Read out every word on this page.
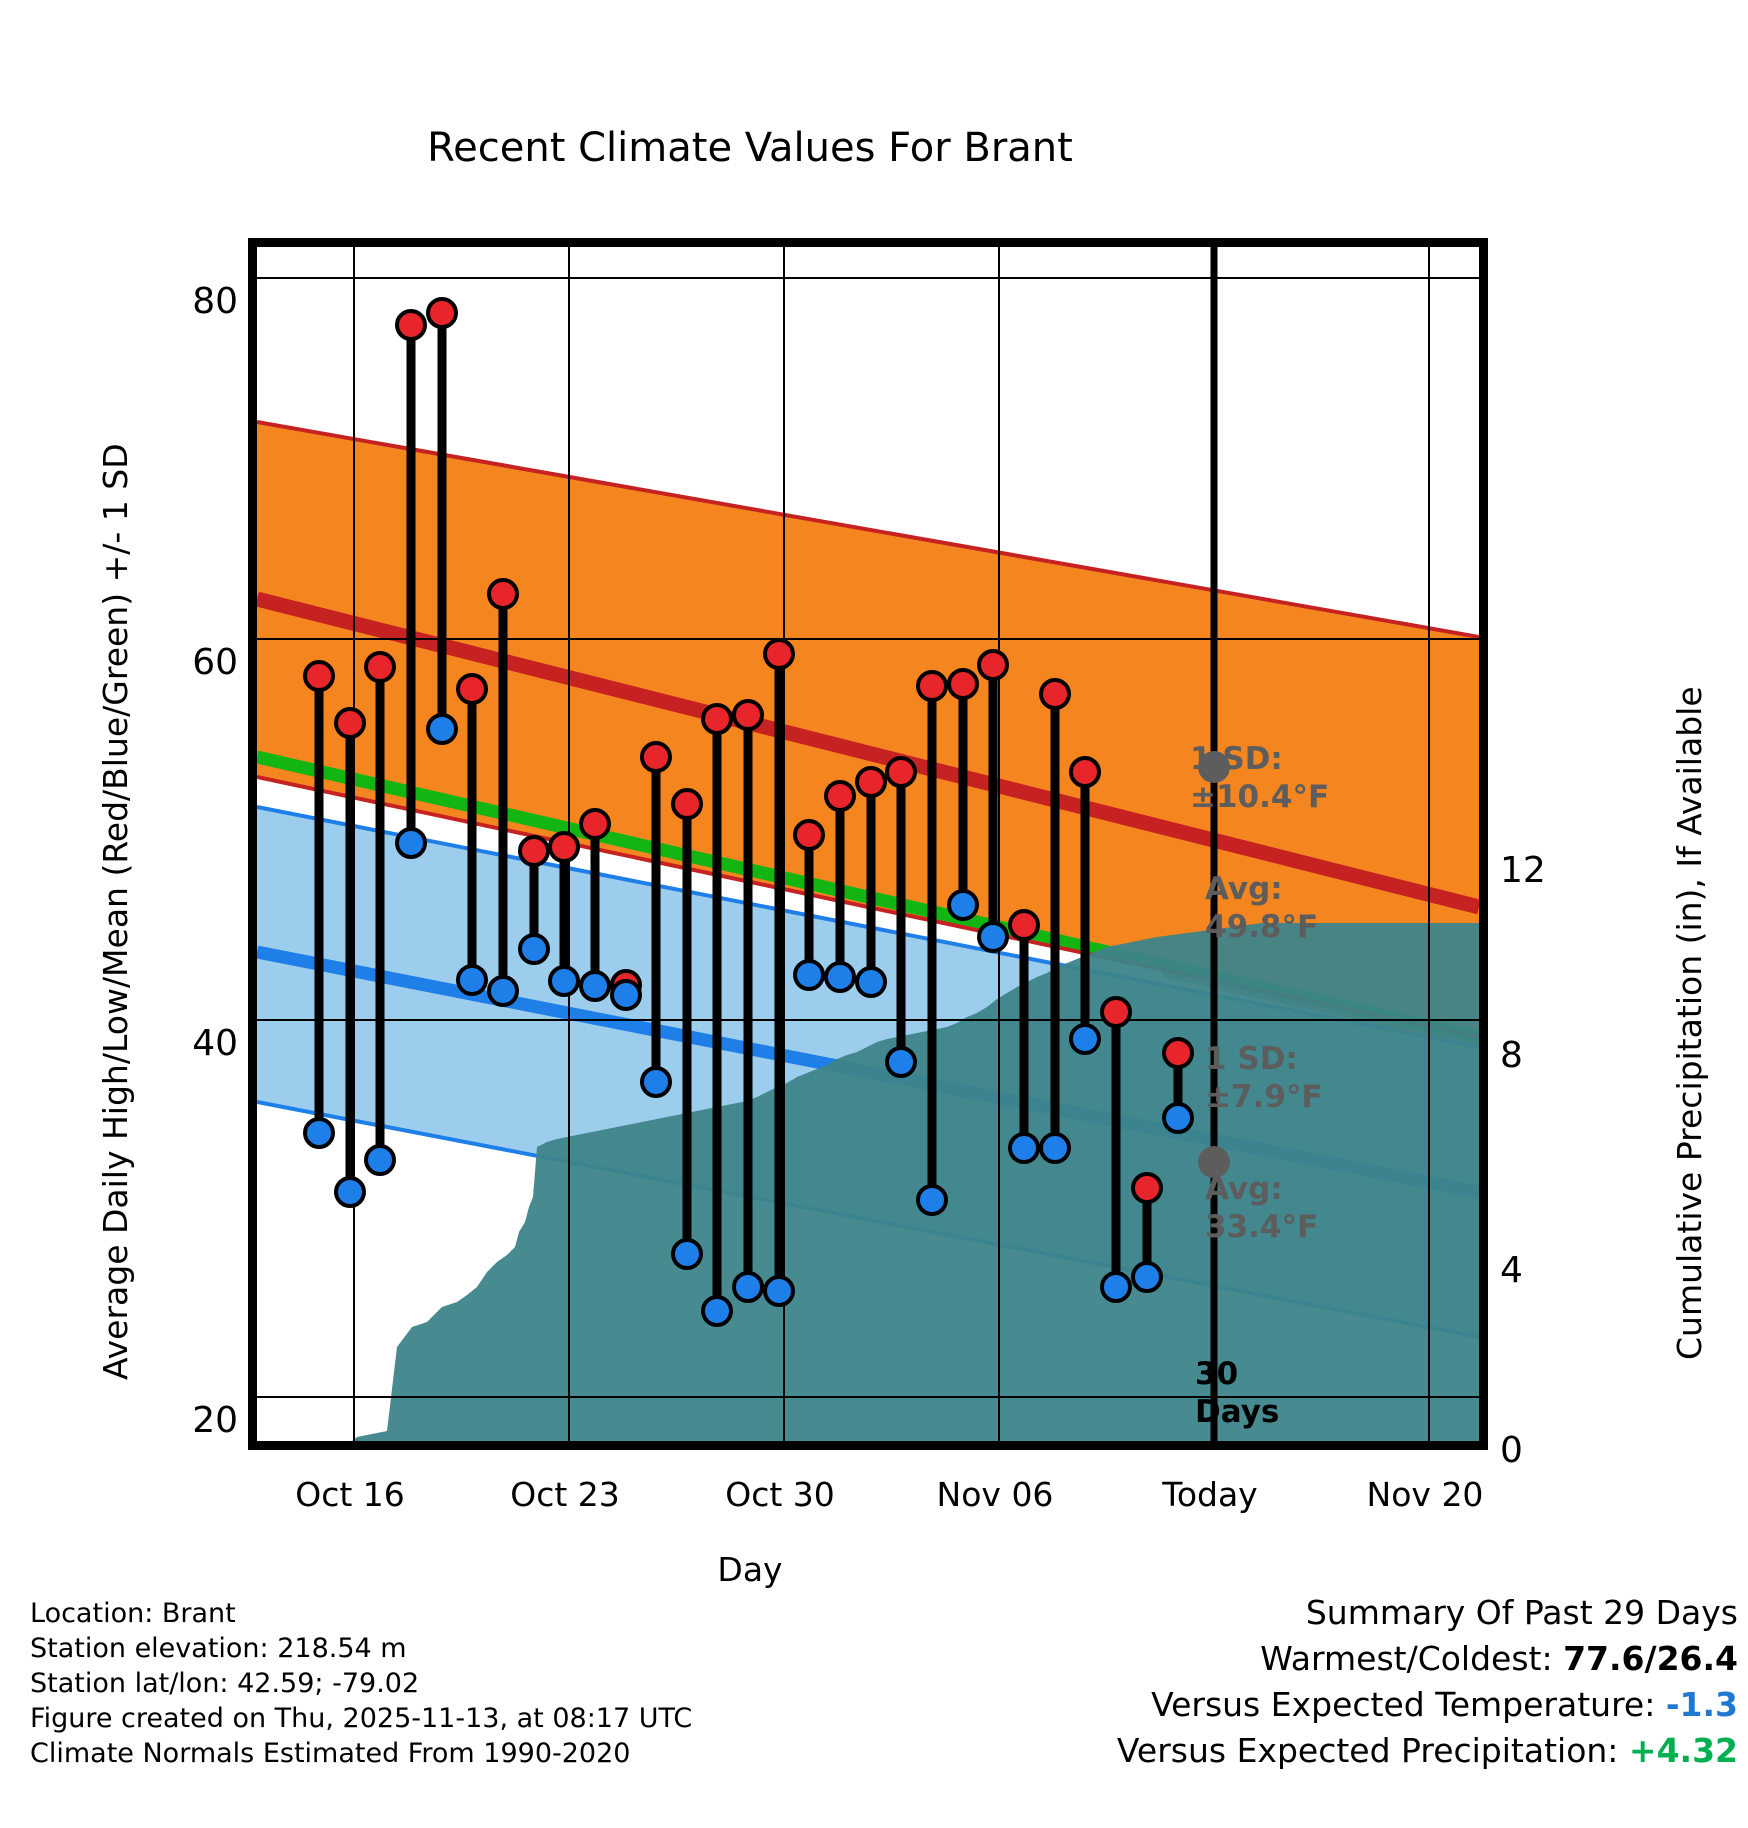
Recent Climate Values For Brant
Average Daily High/Low/Mean (Red/Blue/Green) +/- 1 SD	Cumulative Precipitation (in), If Available
Day
80
60
40
20
12
8
4
0
Oct 16	Oct 23	Oct 30	Nov 06	Today	Nov 20
1 SD:
±10.4°F
Avg:
49.8°F
1 SD:
±7.9°F
Avg:
33.4°F
30
Days
Location: Brant
Station elevation: 218.54 m
Station lat/lon: 42.59; -79.02
Figure created on Thu, 2025-11-13, at 08:17 UTC
Climate Normals Estimated From 1990-2020
Summary Of Past 29 Days
Warmest/Coldest: 77.6/26.4
Versus Expected Temperature: -1.3
Versus Expected Precipitation: +4.32
